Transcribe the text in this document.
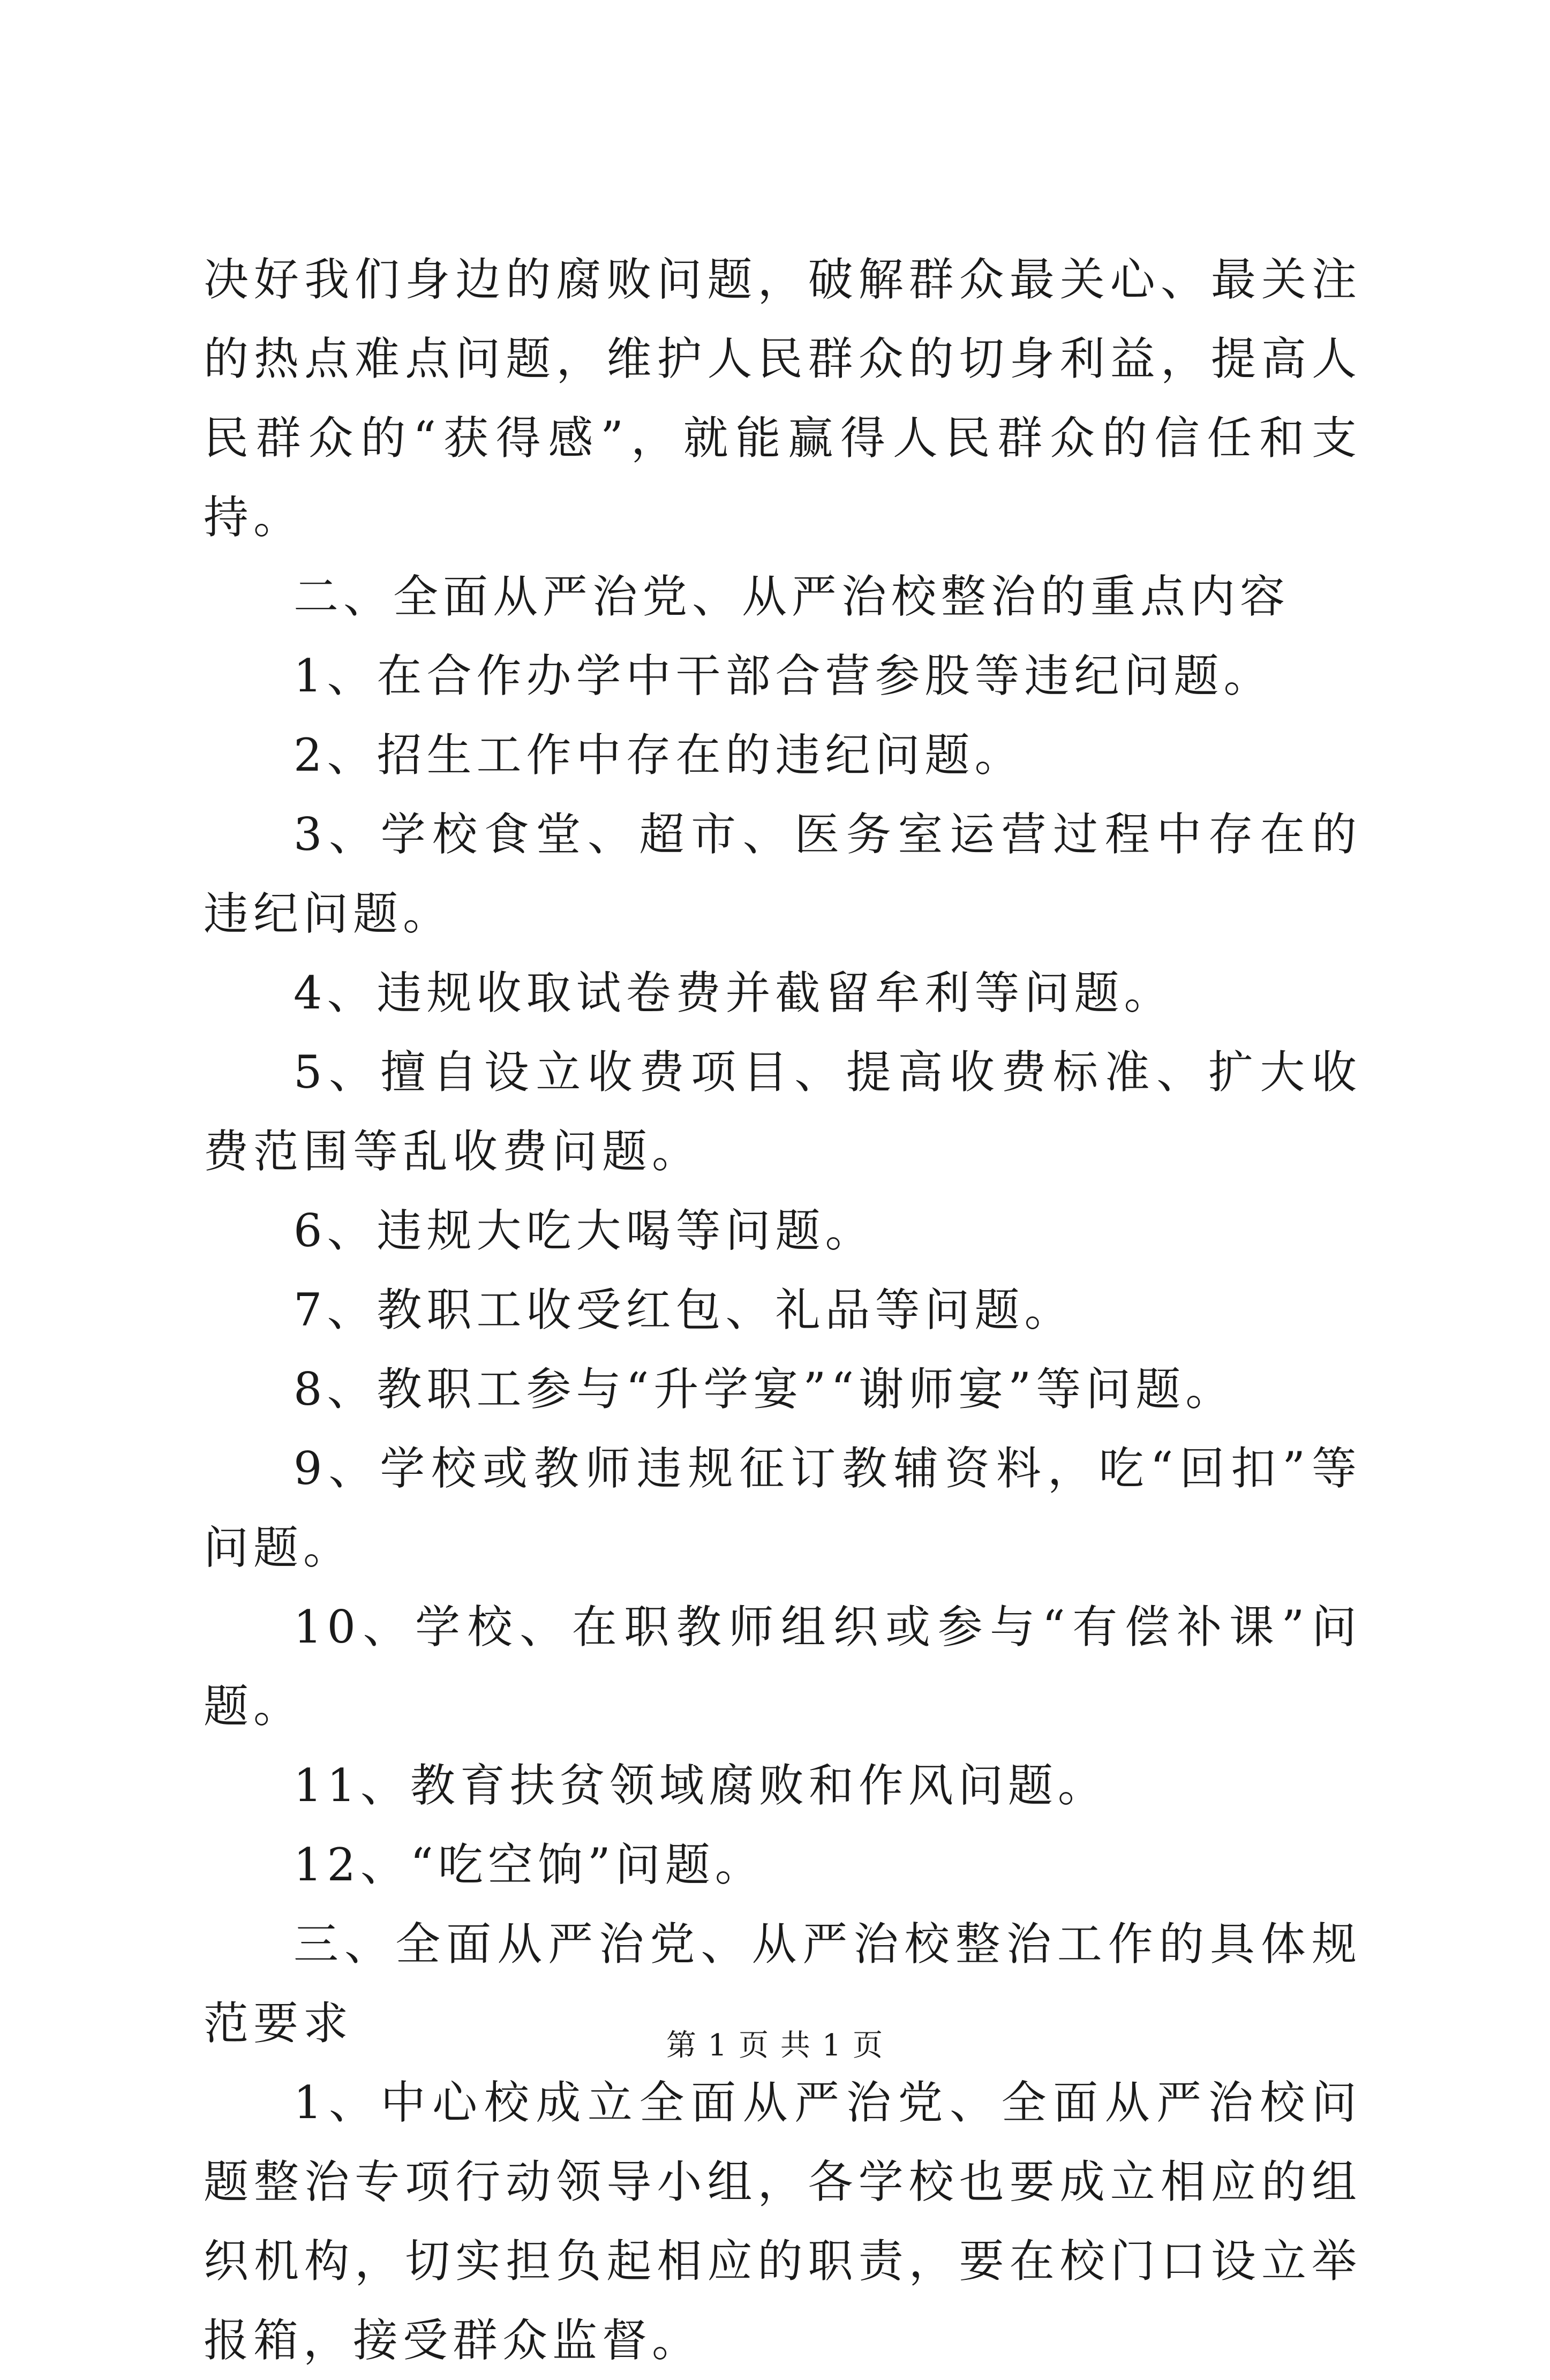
决好我们身边的腐败问题，破解群众最关心、最关注的热点难点问题，维护人民群众的切身利益，提高人民群众的“获得感”，就能赢得人民群众的信任和支持。

二、全面从严治党、从严治校整治的重点内容

1、在合作办学中干部合营参股等违纪问题。

2、招生工作中存在的违纪问题。

3、学校食堂、超市、医务室运营过程中存在的违纪问题。

4、违规收取试卷费并截留牟利等问题。

5、擅自设立收费项目、提高收费标准、扩大收费范围等乱收费问题。

6、违规大吃大喝等问题。

7、教职工收受红包、礼品等问题。

8、教职工参与“升学宴”“谢师宴”等问题。

9、学校或教师违规征订教辅资料，吃“回扣”等问题。

10、学校、在职教师组织或参与“有偿补课”问题。

11、教育扶贫领域腐败和作风问题。

12、“吃空饷”问题。

三、全面从严治党、从严治校整治工作的具体规范要求

1、中心校成立全面从严治党、全面从严治校问题整治专项行动领导小组，各学校也要成立相应的组织机构，切实担负起相应的职责，要在校门口设立举报箱，接受群众监督。

第 1 页 共 1 页
